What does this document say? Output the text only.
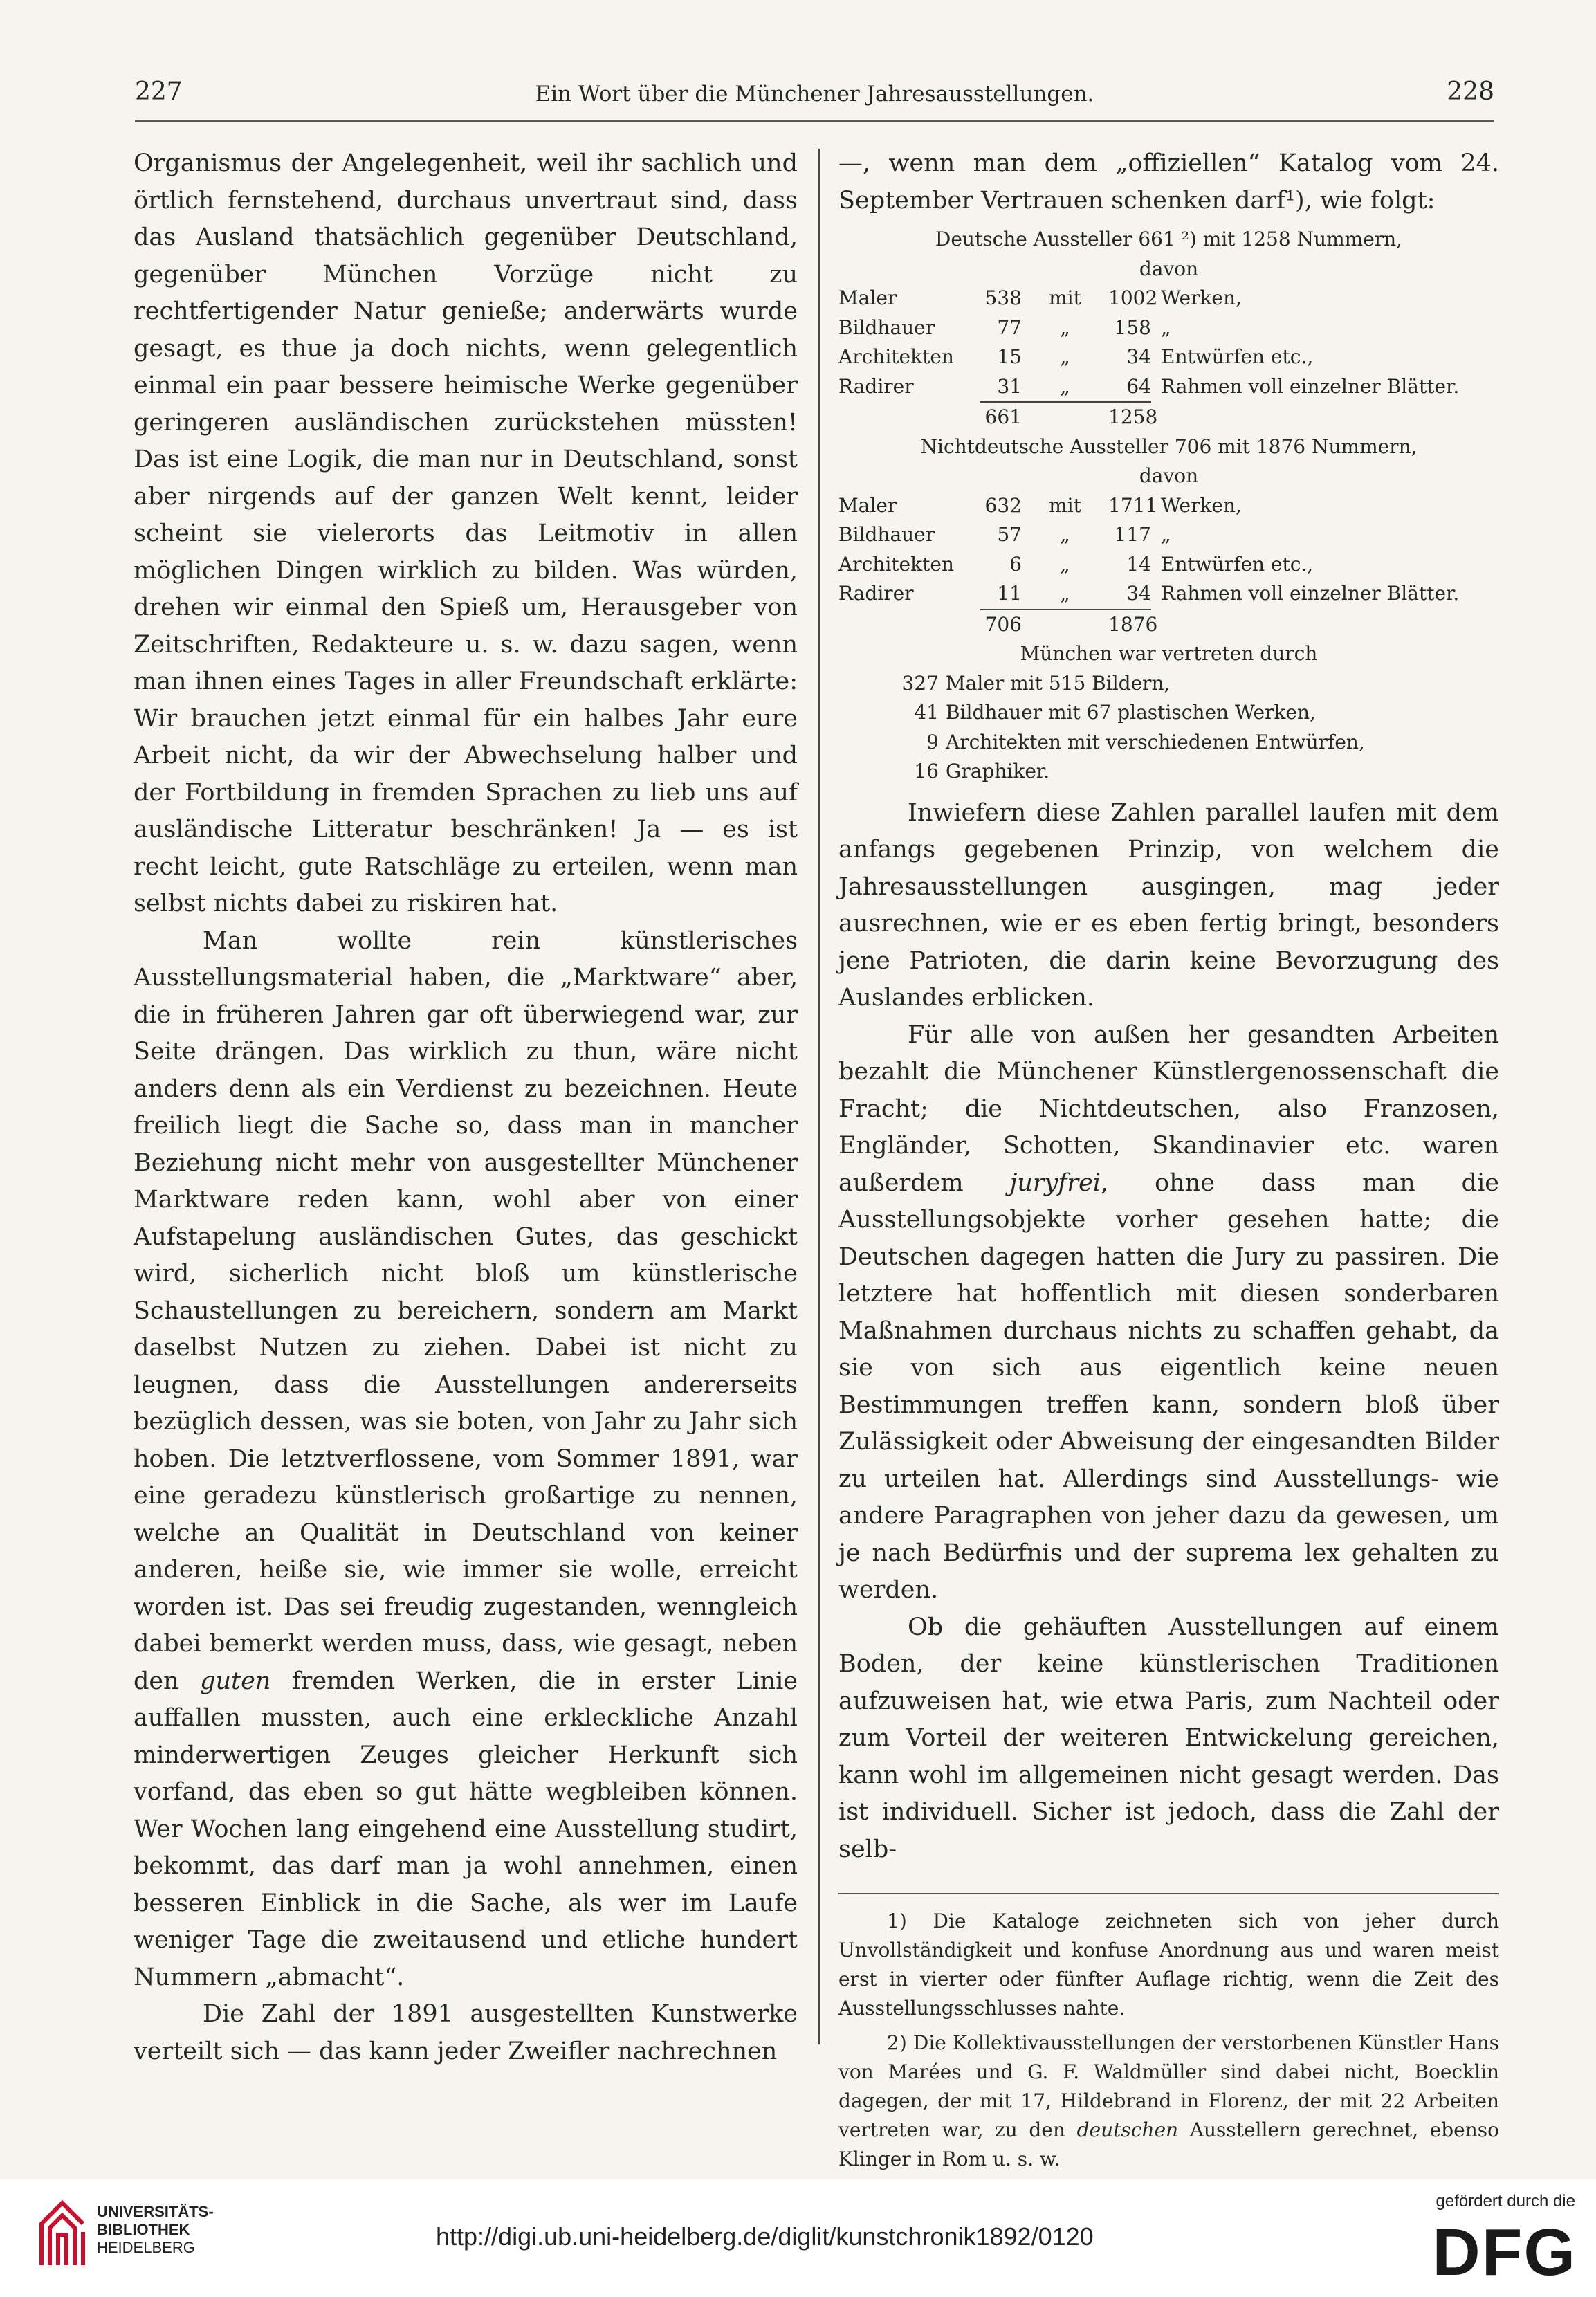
227	Ein Wort über die Münchener Jahresausstellungen.	228

Organismus der Angelegenheit, weil ihr sachlich und örtlich fernstehend, durchaus unvertraut sind, dass das Ausland thatsächlich gegenüber Deutschland, gegenüber München Vorzüge nicht zu rechtfertigender Natur genieße; anderwärts wurde gesagt, es thue ja doch nichts, wenn gelegentlich einmal ein paar bessere heimische Werke gegenüber geringeren ausländischen zurückstehen müssten! Das ist eine Logik, die man nur in Deutschland, sonst aber nirgends auf der ganzen Welt kennt, leider scheint sie vielerorts das Leitmotiv in allen möglichen Dingen wirklich zu bilden. Was würden, drehen wir einmal den Spieß um, Herausgeber von Zeitschriften, Redakteure u. s. w. dazu sagen, wenn man ihnen eines Tages in aller Freundschaft erklärte: Wir brauchen jetzt einmal für ein halbes Jahr eure Arbeit nicht, da wir der Abwechselung halber und der Fortbildung in fremden Sprachen zu lieb uns auf ausländische Litteratur beschränken! Ja — es ist recht leicht, gute Ratschläge zu erteilen, wenn man selbst nichts dabei zu riskiren hat.

Man wollte rein künstlerisches Ausstellungsmaterial haben, die „Marktware“ aber, die in früheren Jahren gar oft überwiegend war, zur Seite drängen. Das wirklich zu thun, wäre nicht anders denn als ein Verdienst zu bezeichnen. Heute freilich liegt die Sache so, dass man in mancher Beziehung nicht mehr von ausgestellter Münchener Marktware reden kann, wohl aber von einer Aufstapelung ausländischen Gutes, das geschickt wird, sicherlich nicht bloß um künstlerische Schaustellungen zu bereichern, sondern am Markt daselbst Nutzen zu ziehen. Dabei ist nicht zu leugnen, dass die Ausstellungen andererseits bezüglich dessen, was sie boten, von Jahr zu Jahr sich hoben. Die letztverflossene, vom Sommer 1891, war eine geradezu künstlerisch großartige zu nennen, welche an Qualität in Deutschland von keiner anderen, heiße sie, wie immer sie wolle, erreicht worden ist. Das sei freudig zugestanden, wenngleich dabei bemerkt werden muss, dass, wie gesagt, neben den guten fremden Werken, die in erster Linie auffallen mussten, auch eine erkleckliche Anzahl minderwertigen Zeuges gleicher Herkunft sich vorfand, das eben so gut hätte wegbleiben können. Wer Wochen lang eingehend eine Ausstellung studirt, bekommt, das darf man ja wohl annehmen, einen besseren Einblick in die Sache, als wer im Laufe weniger Tage die zweitausend und etliche hundert Nummern „abmacht“.

Die Zahl der 1891 ausgestellten Kunstwerke verteilt sich — das kann jeder Zweifler nachrechnen

—, wenn man dem „offiziellen“ Katalog vom 24. September Vertrauen schenken darf¹), wie folgt:

Deutsche Aussteller 661 ²) mit 1258 Nummern,
davon
Maler	538	mit	1002 Werken,
Bildhauer	77	„	158 „
Architekten	15	„	34 Entwürfen etc.,
Radirer	31	„	64 Rahmen voll einzelner Blätter.
661	1258
Nichtdeutsche Aussteller 706 mit 1876 Nummern,
davon
Maler	632	mit	1711 Werken,
Bildhauer	57	„	117 „
Architekten	6	„	14 Entwürfen etc.,
Radirer	11	„	34 Rahmen voll einzelner Blätter.
706	1876
München war vertreten durch
327 Maler mit 515 Bildern,
41 Bildhauer mit 67 plastischen Werken,
9 Architekten mit verschiedenen Entwürfen,
16 Graphiker.

Inwiefern diese Zahlen parallel laufen mit dem anfangs gegebenen Prinzip, von welchem die Jahresausstellungen ausgingen, mag jeder ausrechnen, wie er es eben fertig bringt, besonders jene Patrioten, die darin keine Bevorzugung des Auslandes erblicken.

Für alle von außen her gesandten Arbeiten bezahlt die Münchener Künstlergenossenschaft die Fracht; die Nichtdeutschen, also Franzosen, Engländer, Schotten, Skandinavier etc. waren außerdem juryfrei, ohne dass man die Ausstellungsobjekte vorher gesehen hatte; die Deutschen dagegen hatten die Jury zu passiren. Die letztere hat hoffentlich mit diesen sonderbaren Maßnahmen durchaus nichts zu schaffen gehabt, da sie von sich aus eigentlich keine neuen Bestimmungen treffen kann, sondern bloß über Zulässigkeit oder Abweisung der eingesandten Bilder zu urteilen hat. Allerdings sind Ausstellungs- wie andere Paragraphen von jeher dazu da gewesen, um je nach Bedürfnis und der suprema lex gehalten zu werden.

Ob die gehäuften Ausstellungen auf einem Boden, der keine künstlerischen Traditionen aufzuweisen hat, wie etwa Paris, zum Nachteil oder zum Vorteil der weiteren Entwickelung gereichen, kann wohl im allgemeinen nicht gesagt werden. Das ist individuell. Sicher ist jedoch, dass die Zahl der selb-

1) Die Kataloge zeichneten sich von jeher durch Unvollständigkeit und konfuse Anordnung aus und waren meist erst in vierter oder fünfter Auflage richtig, wenn die Zeit des Ausstellungsschlusses nahte.

2) Die Kollektivausstellungen der verstorbenen Künstler Hans von Marées und G. F. Waldmüller sind dabei nicht, Boecklin dagegen, der mit 17, Hildebrand in Florenz, der mit 22 Arbeiten vertreten war, zu den deutschen Ausstellern gerechnet, ebenso Klinger in Rom u. s. w.

UNIVERSITÄTS-
BIBLIOTHEK
HEIDELBERG	http://digi.ub.uni-heidelberg.de/diglit/kunstchronik1892/0120
gefördert durch die
DFG
